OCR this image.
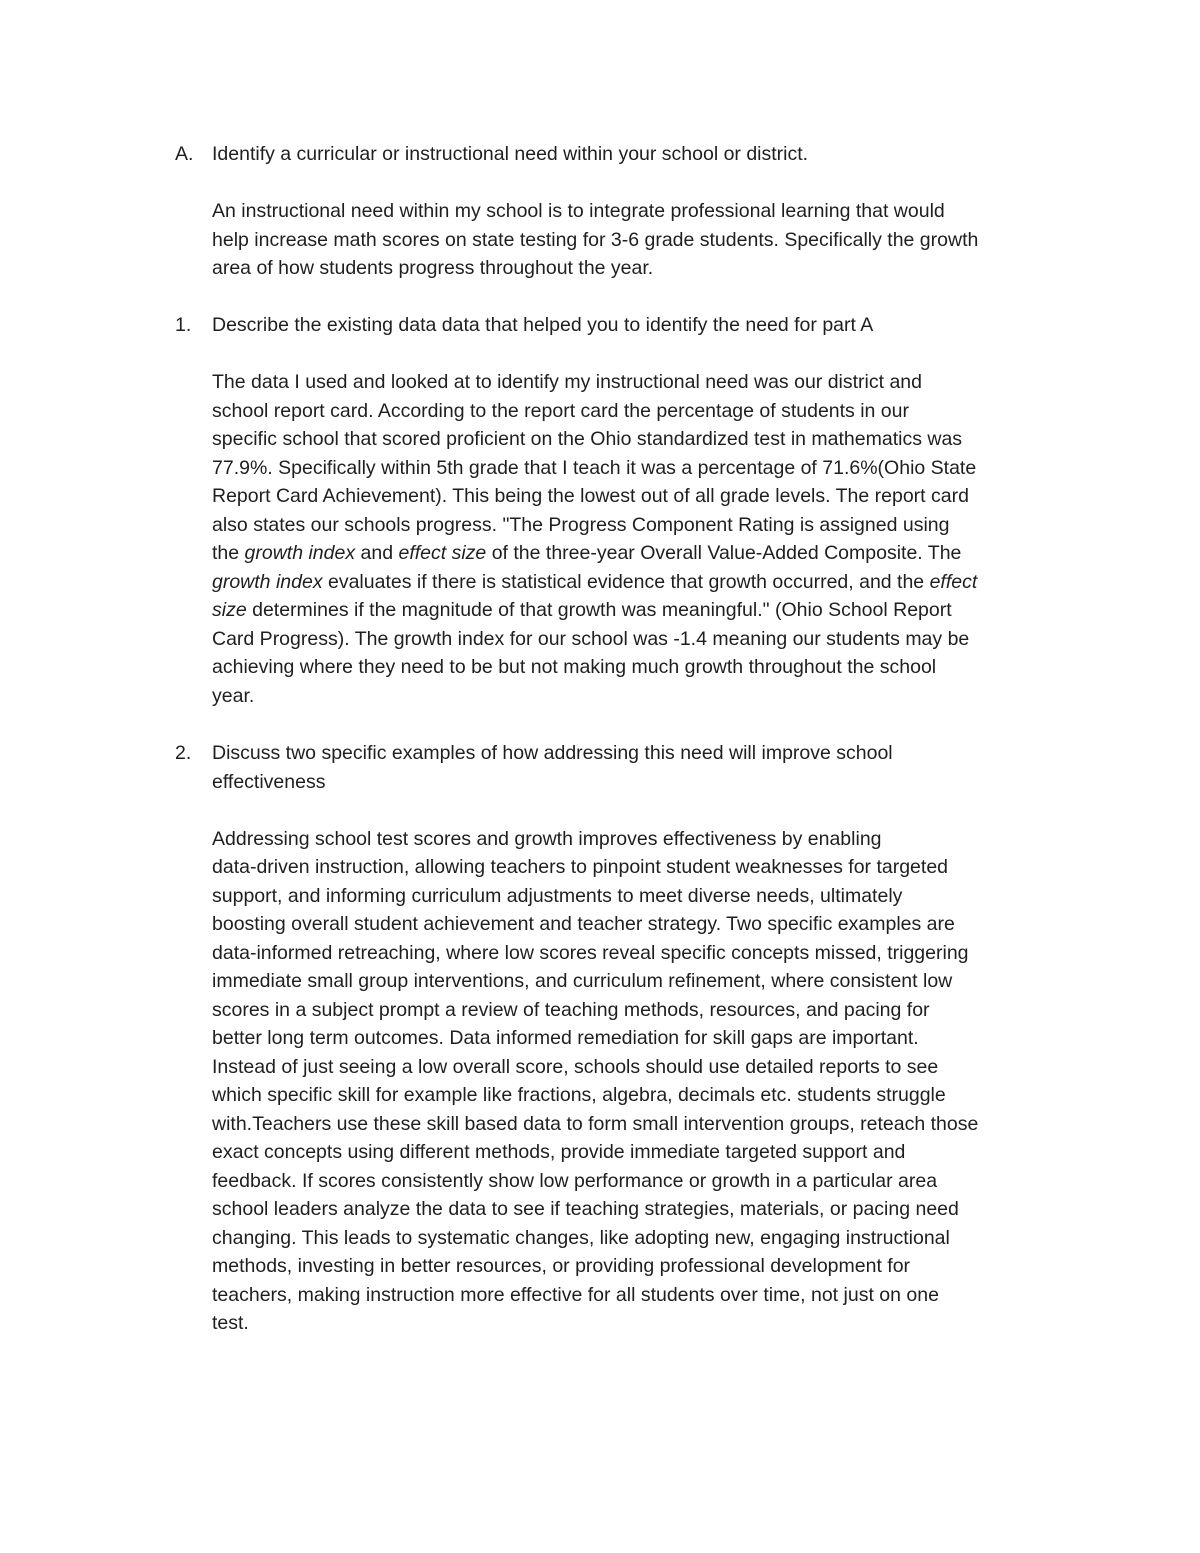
A. Identify a curricular or instructional need within your school or district.

An instructional need within my school is to integrate professional learning that would
help increase math scores on state testing for 3-6 grade students. Specifically the growth
area of how students progress throughout the year.

1.	Describe the existing data data that helped you to identify the need for part A

The data I used and looked at to identify my instructional need was our district and
school report card. According to the report card the percentage of students in our
specific school that scored proficient on the Ohio standardized test in mathematics was
77.9%. Specifically within 5th grade that I teach it was a percentage of 71.6%(Ohio State
Report Card Achievement). This being the lowest out of all grade levels. The report card
also states our schools progress. "The Progress Component Rating is assigned using
the growth index and effect size of the three-year Overall Value-Added Composite. The
growth index evaluates if there is statistical evidence that growth occurred, and the effect
size determines if the magnitude of that growth was meaningful." (Ohio School Report
Card Progress). The growth index for our school was -1.4 meaning our students may be
achieving where they need to be but not making much growth throughout the school
year.

2.	Discuss two specific examples of how addressing this need will improve school
effectiveness

Addressing school test scores and growth improves effectiveness by enabling
data-driven instruction, allowing teachers to pinpoint student weaknesses for targeted
support, and informing curriculum adjustments to meet diverse needs, ultimately
boosting overall student achievement and teacher strategy. Two specific examples are
data-informed retreaching, where low scores reveal specific concepts missed, triggering
immediate small group interventions, and curriculum refinement, where consistent low
scores in a subject prompt a review of teaching methods, resources, and pacing for
better long term outcomes. Data informed remediation for skill gaps are important.
Instead of just seeing a low overall score, schools should use detailed reports to see
which specific skill for example like fractions, algebra, decimals etc. students struggle
with.Teachers use these skill based data to form small intervention groups, reteach those
exact concepts using different methods, provide immediate targeted support and
feedback. If scores consistently show low performance or growth in a particular area
school leaders analyze the data to see if teaching strategies, materials, or pacing need
changing. This leads to systematic changes, like adopting new, engaging instructional
methods, investing in better resources, or providing professional development for
teachers, making instruction more effective for all students over time, not just on one
test.
